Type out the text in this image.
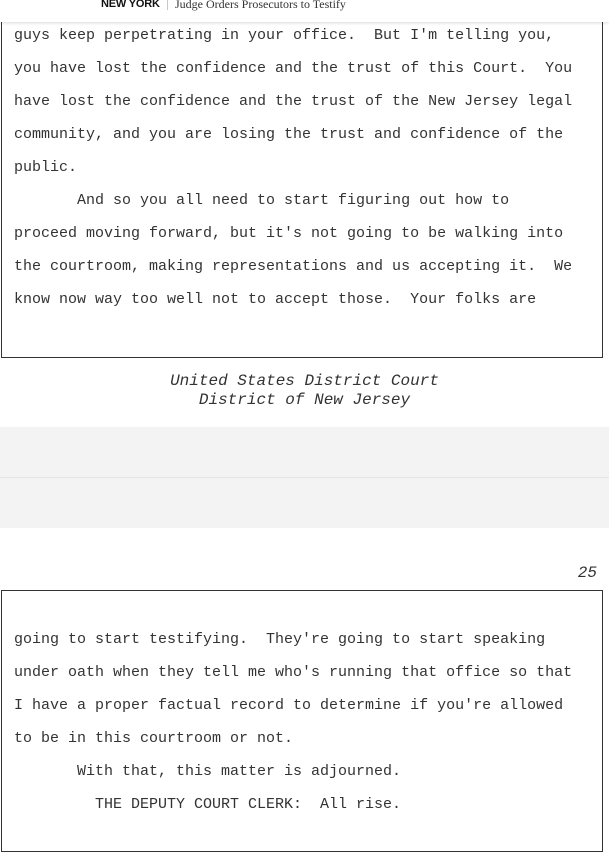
NEW YORK Judge Orders Prosecutors to Testify
guys keep perpetrating in your office.  But I'm telling you,
you have lost the confidence and the trust of this Court.  You
have lost the confidence and the trust of the New Jersey legal
community, and you are losing the trust and confidence of the
public.
And so you all need to start figuring out how to
proceed moving forward, but it's not going to be walking into
the courtroom, making representations and us accepting it.  We
know now way too well not to accept those.  Your folks are
United States District Court
District of New Jersey
25
going to start testifying.  They're going to start speaking
under oath when they tell me who's running that office so that
I have a proper factual record to determine if you're allowed
to be in this courtroom or not.
With that, this matter is adjourned.
THE DEPUTY COURT CLERK:  All rise.
